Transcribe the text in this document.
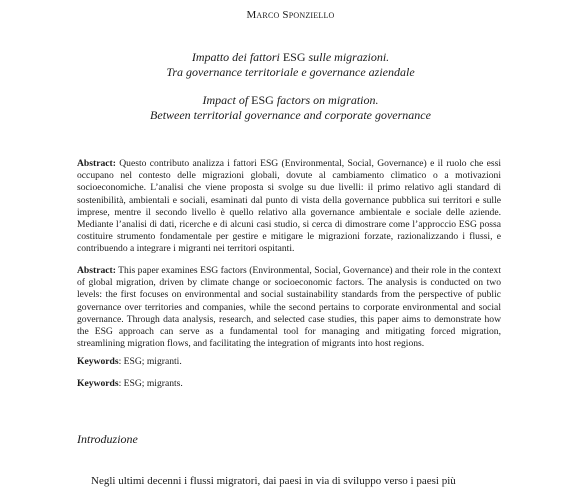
Marco Sponziello
Impatto dei fattori ESG sulle migrazioni.
Tra governance territoriale e governance aziendale
Impact of ESG factors on migration.
Between territorial governance and corporate governance
Abstract: Questo contributo analizza i fattori ESG (Environmental, Social, Governance) e il ruolo che essi occupano nel contesto delle migrazioni globali, dovute al cambiamento climatico o a motivazioni socioeconomiche. L’analisi che viene proposta si svolge su due livelli: il primo relativo agli standard di sostenibilità, ambientali e sociali, esaminati dal punto di vista della governance pubblica sui territori e sulle imprese, mentre il secondo livello è quello relativo alla governance ambientale e sociale delle aziende. Mediante l’analisi di dati, ricerche e di alcuni casi studio, si cerca di dimostrare come l’approccio ESG possa costituire strumento fondamentale per gestire e mitigare le migrazioni forzate, razionalizzando i flussi, e contribuendo a integrare i migranti nei territori ospitanti.
Abstract: This paper examines ESG factors (Environmental, Social, Governance) and their role in the context of global migration, driven by climate change or socioeconomic factors. The analysis is conducted on two levels: the first focuses on environmental and social sustainability standards from the perspective of public governance over territories and companies, while the second pertains to corporate environmental and social governance. Through data analysis, research, and selected case studies, this paper aims to demonstrate how the ESG approach can serve as a fundamental tool for managing and mitigating forced migration, streamlining migration flows, and facilitating the integration of migrants into host regions.
Keywords: ESG; migranti.
Keywords: ESG; migrants.
Introduzione
Negli ultimi decenni i flussi migratori, dai paesi in via di sviluppo verso i paesi più
